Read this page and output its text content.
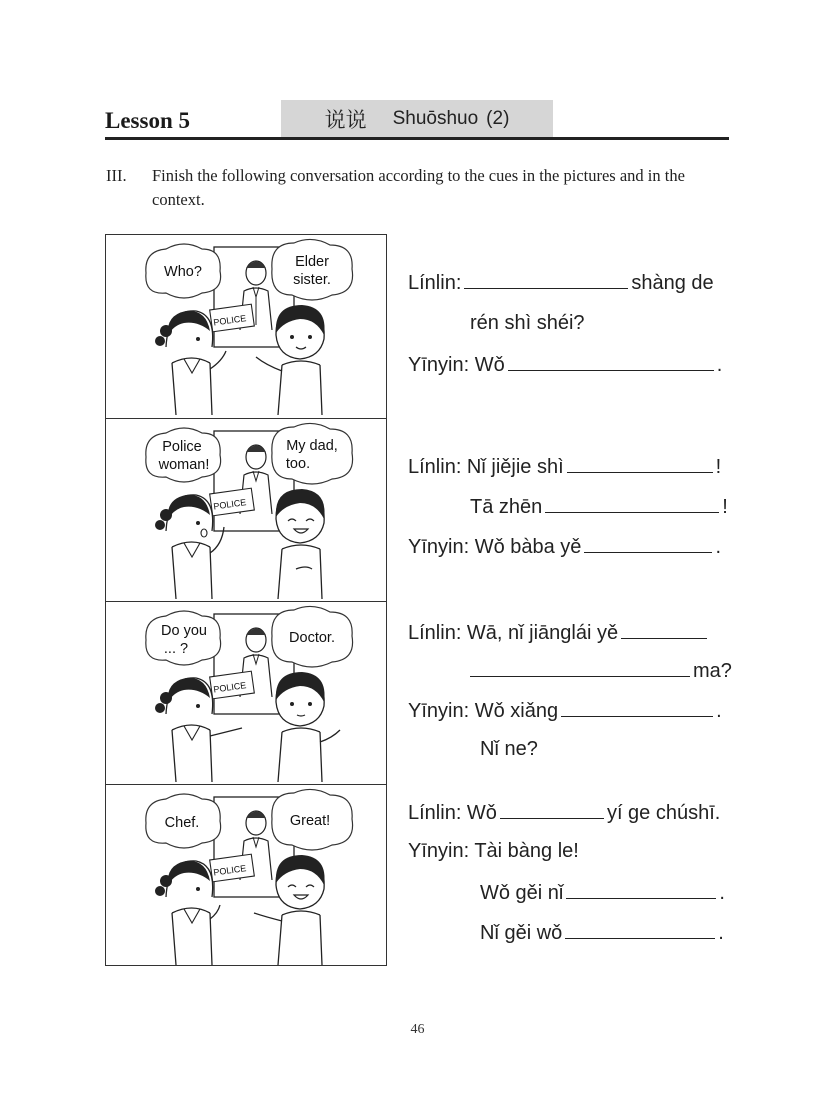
Lesson 5	说说 Shuōshuo (2)
III. Finish the following conversation according to the cues in the pictures and in the context.
POLICE
Who?
Elder
sister.
POLICE
Police
woman!
My dad,
too.
POLICE
Do you
... ?
Doctor.
POLICE
Chef.	Great!
Línlin:	shàng de
rén shì shéi?
Yīnyin: Wǒ	.
Línlin: Nǐ jiějie shì	!
Tā zhēn	!
Yīnyin: Wǒ bàba yě	.
Línlin: Wā, nǐ jiānglái yě
ma?
Yīnyin: Wǒ xiǎng	.
Nǐ ne?
Línlin: Wǒ	yí ge chúshī.
Yīnyin: Tài bàng le!
Wǒ gěi nǐ	.
Nǐ gěi wǒ	.
46
